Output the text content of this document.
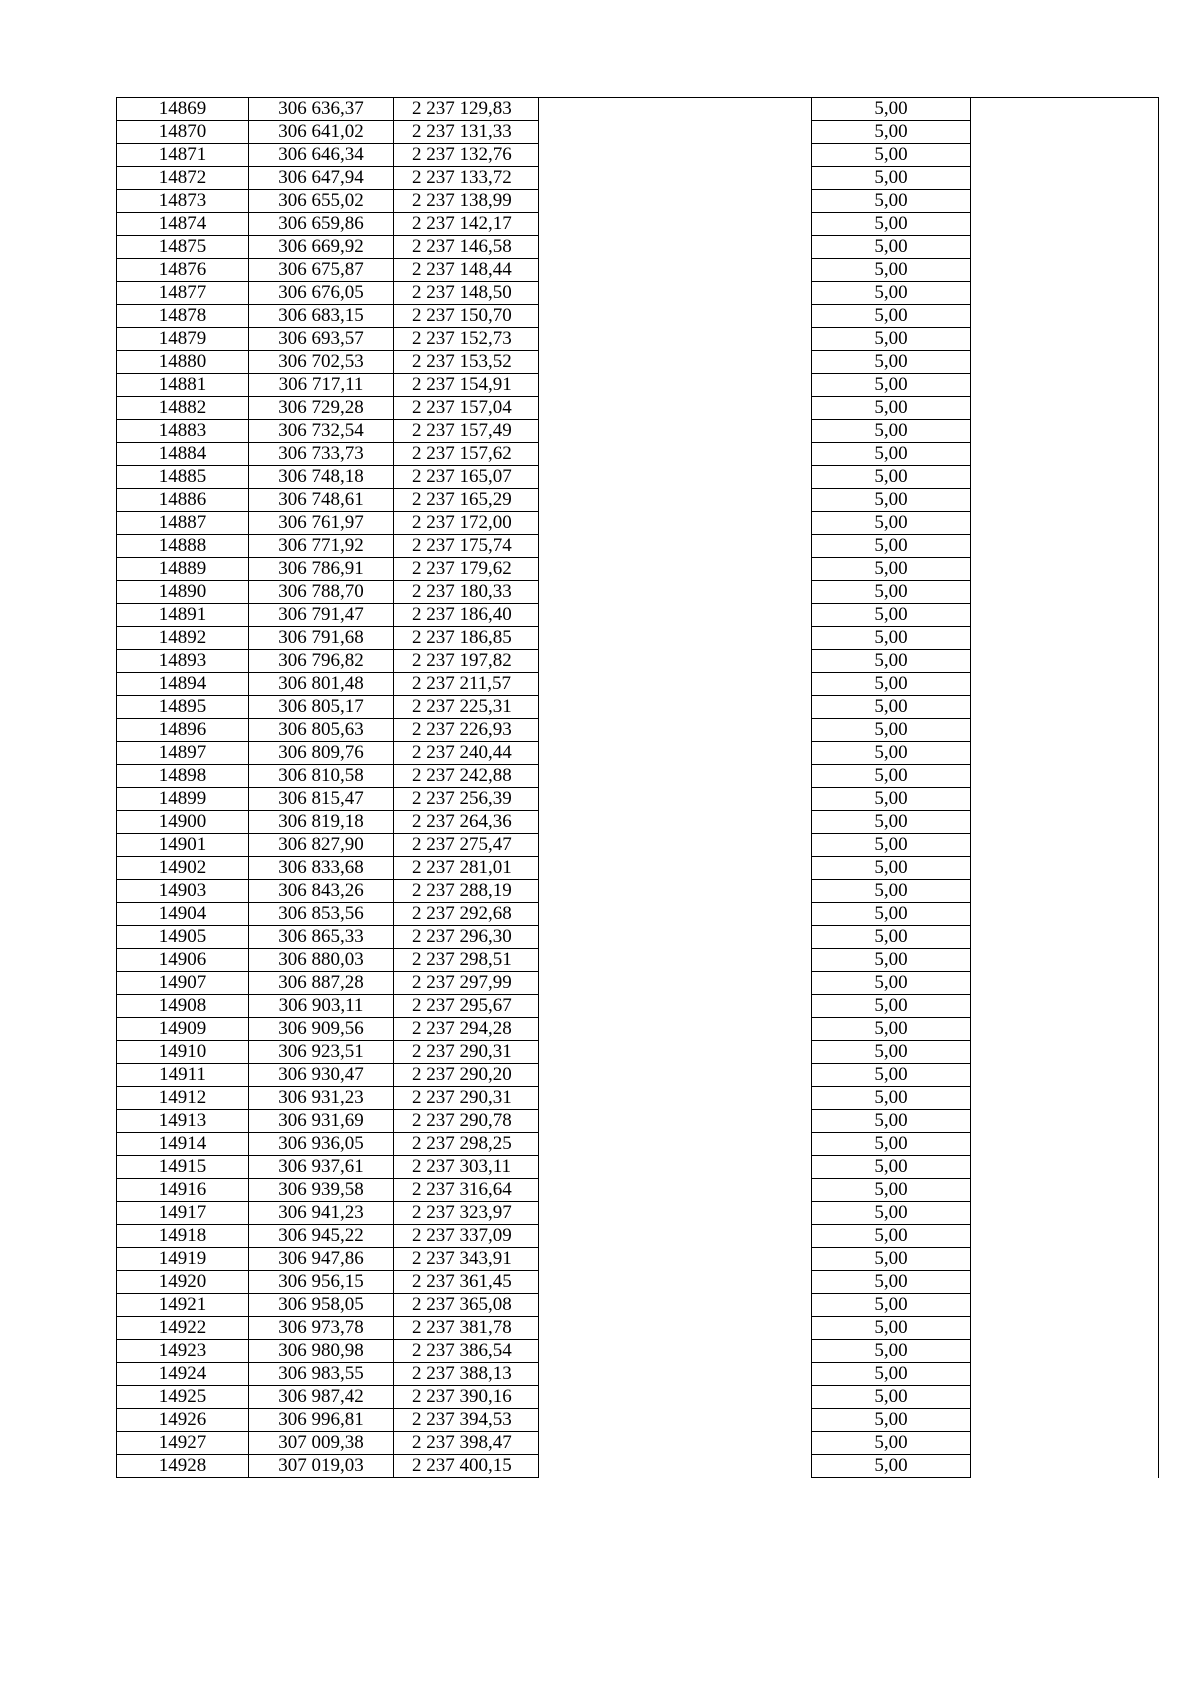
14869	306 636,37	2 237 129,83		5,00	
14870	306 641,02	2 237 131,33		5,00	
14871	306 646,34	2 237 132,76		5,00	
14872	306 647,94	2 237 133,72		5,00	
14873	306 655,02	2 237 138,99		5,00	
14874	306 659,86	2 237 142,17		5,00	
14875	306 669,92	2 237 146,58		5,00	
14876	306 675,87	2 237 148,44		5,00	
14877	306 676,05	2 237 148,50		5,00	
14878	306 683,15	2 237 150,70		5,00	
14879	306 693,57	2 237 152,73		5,00	
14880	306 702,53	2 237 153,52		5,00	
14881	306 717,11	2 237 154,91		5,00	
14882	306 729,28	2 237 157,04		5,00	
14883	306 732,54	2 237 157,49		5,00	
14884	306 733,73	2 237 157,62		5,00	
14885	306 748,18	2 237 165,07		5,00	
14886	306 748,61	2 237 165,29		5,00	
14887	306 761,97	2 237 172,00		5,00	
14888	306 771,92	2 237 175,74		5,00	
14889	306 786,91	2 237 179,62		5,00	
14890	306 788,70	2 237 180,33		5,00	
14891	306 791,47	2 237 186,40		5,00	
14892	306 791,68	2 237 186,85		5,00	
14893	306 796,82	2 237 197,82		5,00	
14894	306 801,48	2 237 211,57		5,00	
14895	306 805,17	2 237 225,31		5,00	
14896	306 805,63	2 237 226,93		5,00	
14897	306 809,76	2 237 240,44		5,00	
14898	306 810,58	2 237 242,88		5,00	
14899	306 815,47	2 237 256,39		5,00	
14900	306 819,18	2 237 264,36		5,00	
14901	306 827,90	2 237 275,47		5,00	
14902	306 833,68	2 237 281,01		5,00	
14903	306 843,26	2 237 288,19		5,00	
14904	306 853,56	2 237 292,68		5,00	
14905	306 865,33	2 237 296,30		5,00	
14906	306 880,03	2 237 298,51		5,00	
14907	306 887,28	2 237 297,99		5,00	
14908	306 903,11	2 237 295,67		5,00	
14909	306 909,56	2 237 294,28		5,00	
14910	306 923,51	2 237 290,31		5,00	
14911	306 930,47	2 237 290,20		5,00	
14912	306 931,23	2 237 290,31		5,00	
14913	306 931,69	2 237 290,78		5,00	
14914	306 936,05	2 237 298,25		5,00	
14915	306 937,61	2 237 303,11		5,00	
14916	306 939,58	2 237 316,64		5,00	
14917	306 941,23	2 237 323,97		5,00	
14918	306 945,22	2 237 337,09		5,00	
14919	306 947,86	2 237 343,91		5,00	
14920	306 956,15	2 237 361,45		5,00	
14921	306 958,05	2 237 365,08		5,00	
14922	306 973,78	2 237 381,78		5,00	
14923	306 980,98	2 237 386,54		5,00	
14924	306 983,55	2 237 388,13		5,00	
14925	306 987,42	2 237 390,16		5,00	
14926	306 996,81	2 237 394,53		5,00	
14927	307 009,38	2 237 398,47		5,00	
14928	307 019,03	2 237 400,15		5,00	
